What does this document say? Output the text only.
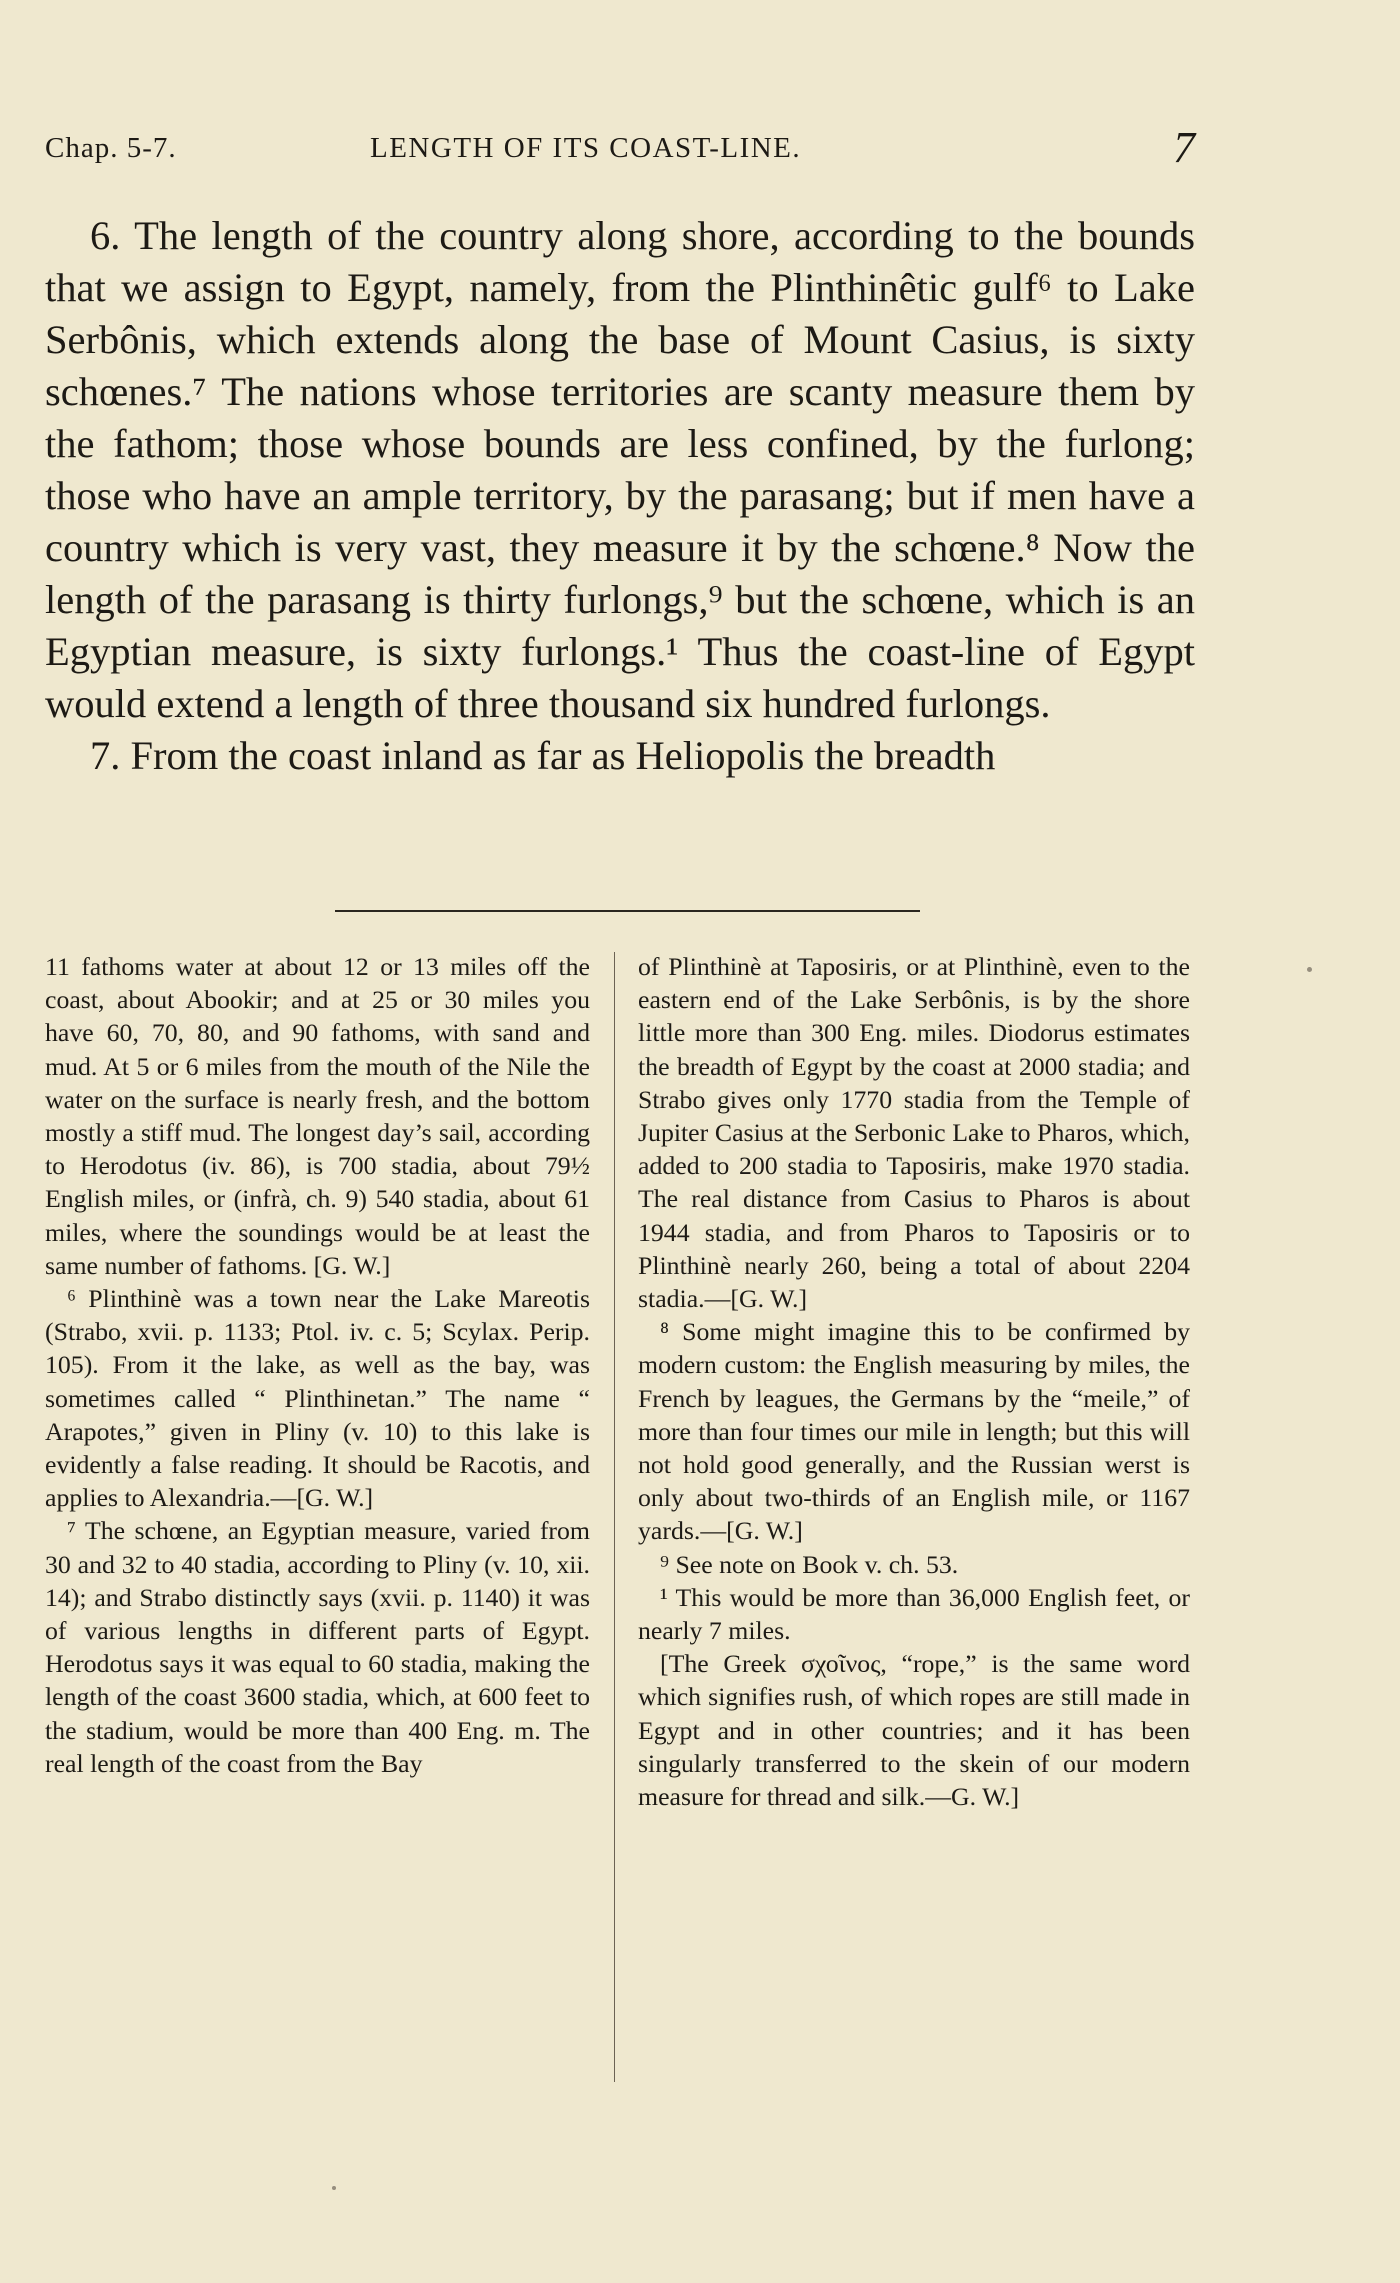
Chap. 5-7.	LENGTH OF ITS COAST-LINE.	7

6. The length of the country along shore, according to the bounds that we assign to Egypt, namely, from the Plinthinêtic gulf⁶ to Lake Serbônis, which extends along the base of Mount Casius, is sixty schœnes.⁷ The nations whose territories are scanty measure them by the fathom; those whose bounds are less confined, by the furlong; those who have an ample territory, by the parasang; but if men have a country which is very vast, they measure it by the schœne.⁸ Now the length of the parasang is thirty furlongs,⁹ but the schœne, which is an Egyptian measure, is sixty furlongs.¹ Thus the coast-line of Egypt would extend a length of three thousand six hundred furlongs.

7. From the coast inland as far as Heliopolis the breadth

11 fathoms water at about 12 or 13 miles off the coast, about Abookir; and at 25 or 30 miles you have 60, 70, 80, and 90 fathoms, with sand and mud. At 5 or 6 miles from the mouth of the Nile the water on the surface is nearly fresh, and the bottom mostly a stiff mud. The longest day’s sail, according to Herodotus (iv. 86), is 700 stadia, about 79½ English miles, or (infrà, ch. 9) 540 stadia, about 61 miles, where the soundings would be at least the same number of fathoms. [G. W.]

⁶ Plinthinè was a town near the Lake Mareotis (Strabo, xvii. p. 1133; Ptol. iv. c. 5; Scylax. Perip. 105). From it the lake, as well as the bay, was sometimes called “ Plinthinetan.” The name “ Arapotes,” given in Pliny (v. 10) to this lake is evidently a false reading. It should be Racotis, and applies to Alexandria.—[G. W.]

⁷ The schœne, an Egyptian measure, varied from 30 and 32 to 40 stadia, according to Pliny (v. 10, xii. 14); and Strabo distinctly says (xvii. p. 1140) it was of various lengths in different parts of Egypt. Herodotus says it was equal to 60 stadia, making the length of the coast 3600 stadia, which, at 600 feet to the stadium, would be more than 400 Eng. m. The real length of the coast from the Bay

of Plinthinè at Taposiris, or at Plinthinè, even to the eastern end of the Lake Serbônis, is by the shore little more than 300 Eng. miles. Diodorus estimates the breadth of Egypt by the coast at 2000 stadia; and Strabo gives only 1770 stadia from the Temple of Jupiter Casius at the Serbonic Lake to Pharos, which, added to 200 stadia to Taposiris, make 1970 stadia. The real distance from Casius to Pharos is about 1944 stadia, and from Pharos to Taposiris or to Plinthinè nearly 260, being a total of about 2204 stadia.—[G. W.]

⁸ Some might imagine this to be confirmed by modern custom: the English measuring by miles, the French by leagues, the Germans by the “meile,” of more than four times our mile in length; but this will not hold good generally, and the Russian werst is only about two-thirds of an English mile, or 1167 yards.—[G. W.]

⁹ See note on Book v. ch. 53.

¹ This would be more than 36,000 English feet, or nearly 7 miles.

[The Greek σχοῖνος, “rope,” is the same word which signifies rush, of which ropes are still made in Egypt and in other countries; and it has been singularly transferred to the skein of our modern measure for thread and silk.—G. W.]
